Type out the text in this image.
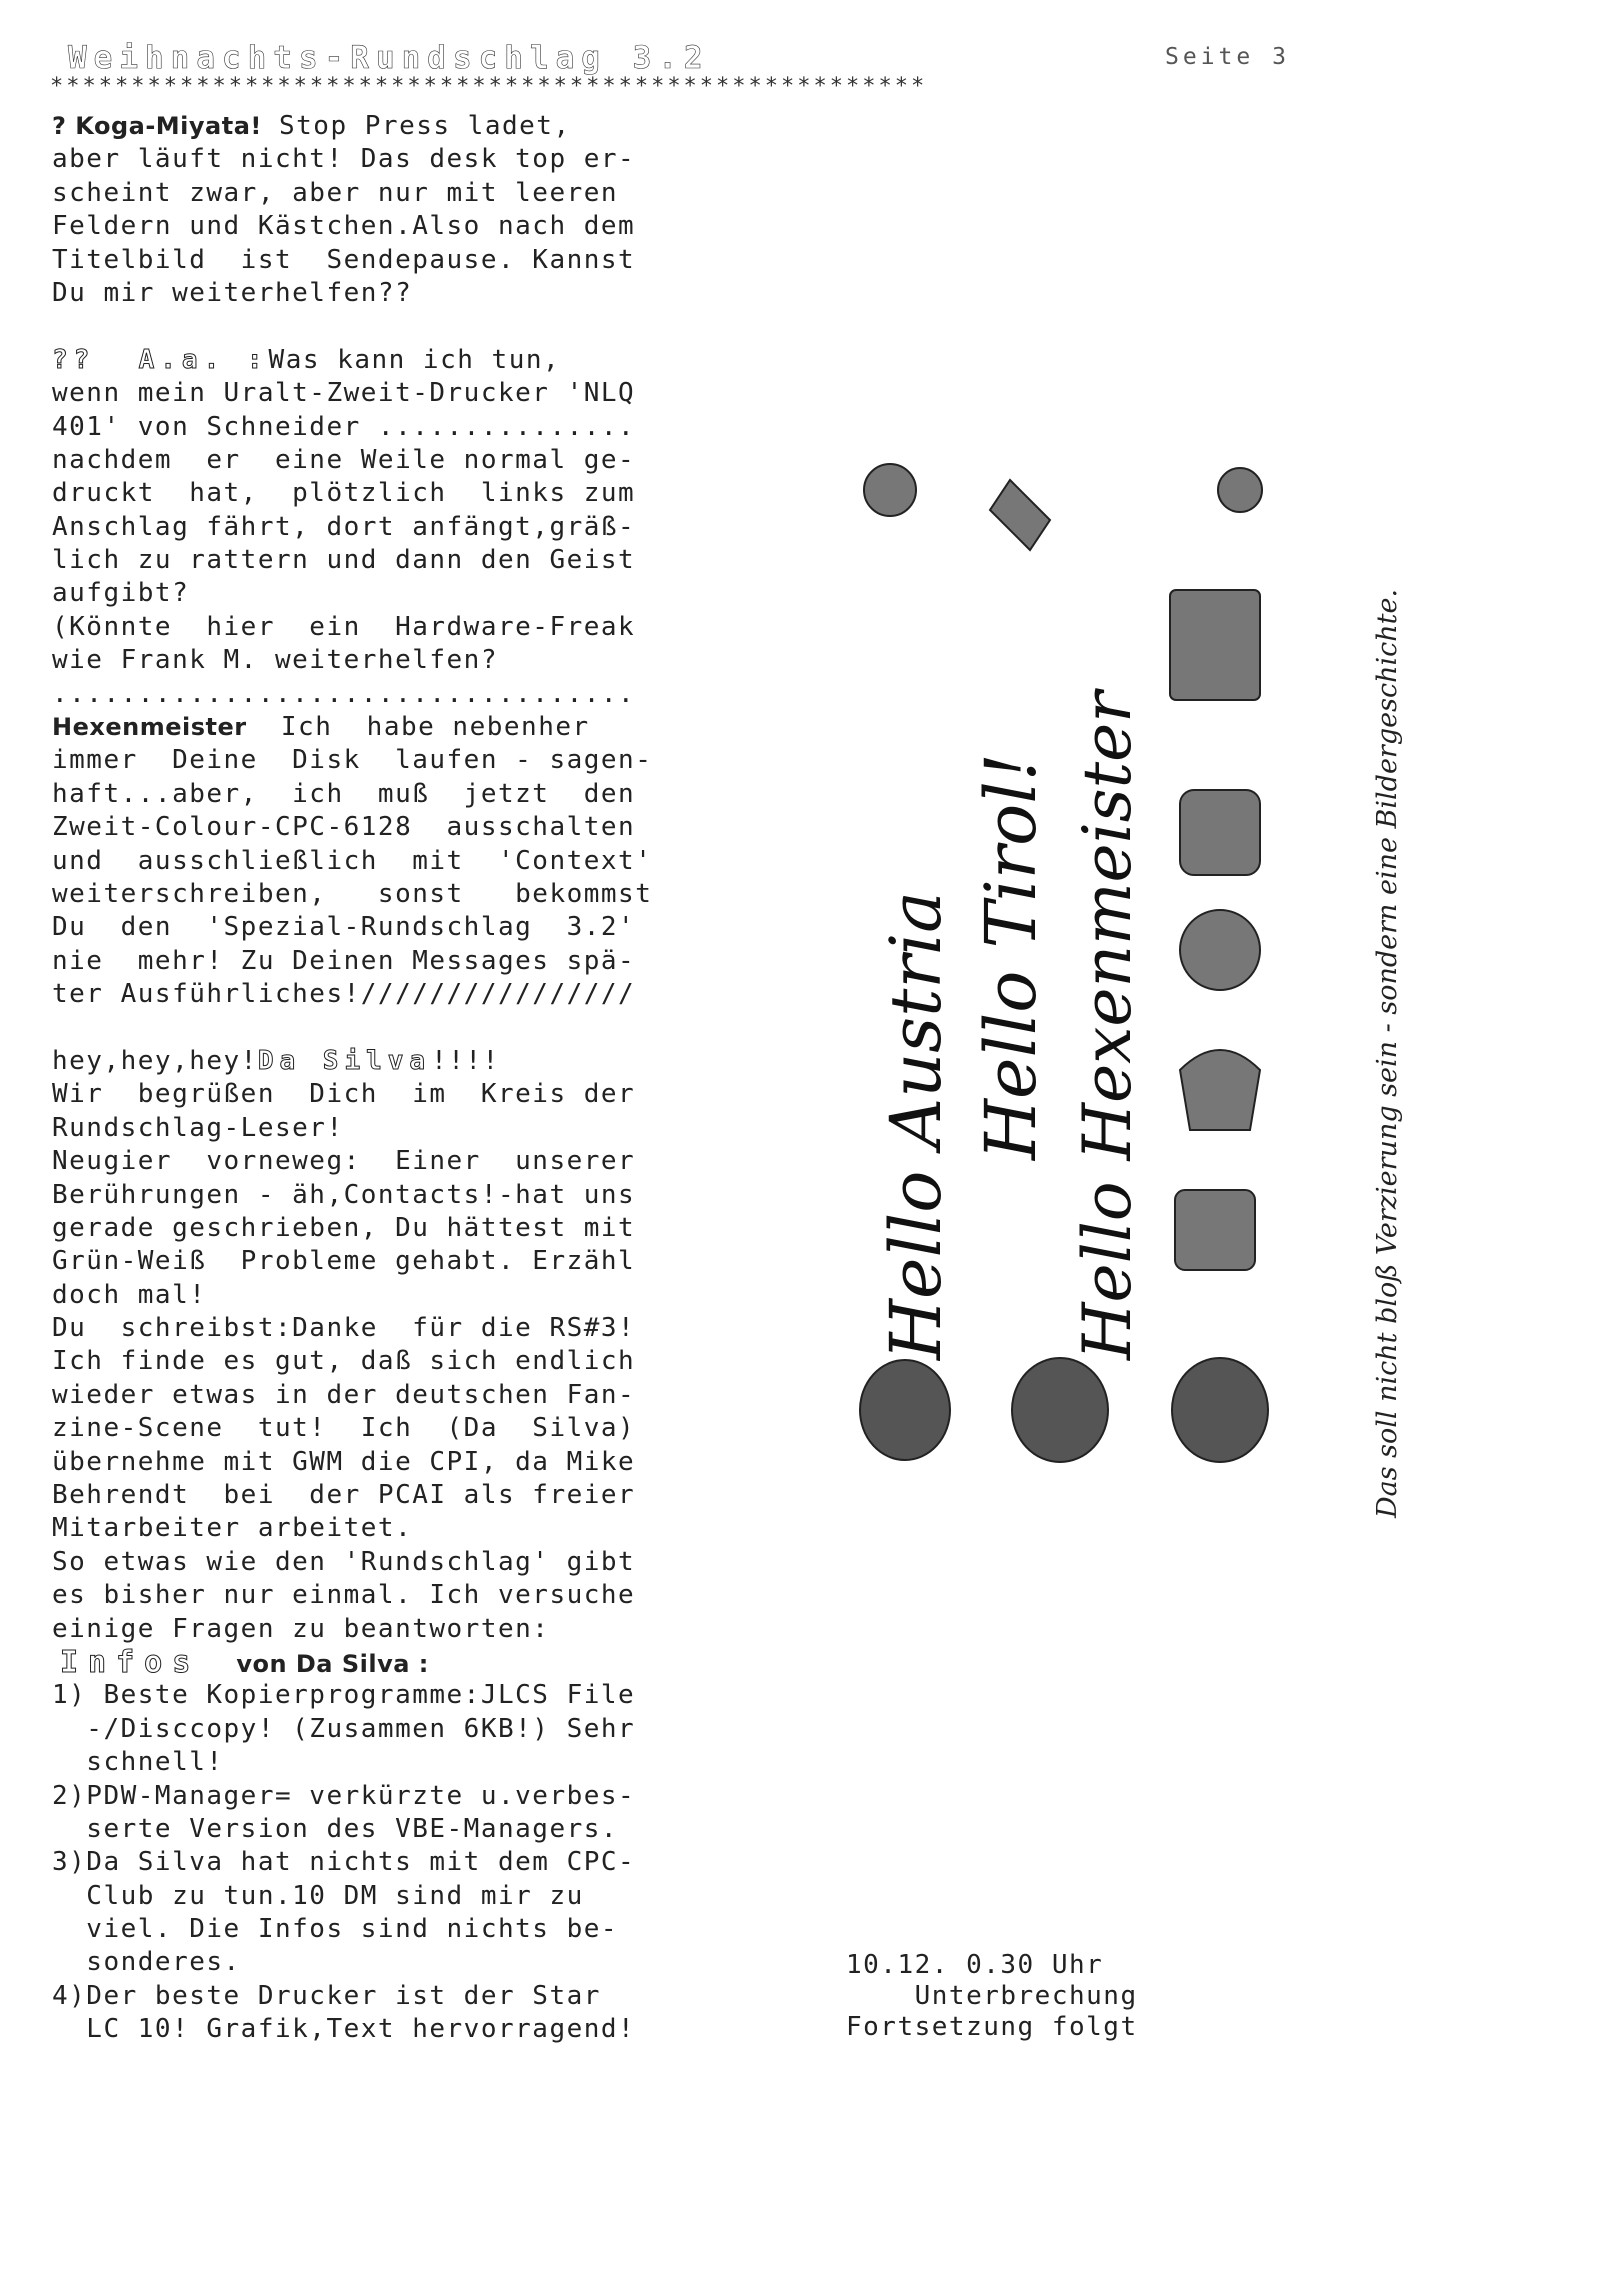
Weihnachts-Rundschlag 3.2	Seite 3
******************************************************
? Koga-Miyata! Stop Press ladet,
aber läuft nicht! Das desk top er-
scheint zwar, aber nur mit leeren
Feldern und Kästchen.Also nach dem
Titelbild  ist  Sendepause. Kannst
Du mir weiterhelfen??
??  A.a. :Was kann ich tun,
wenn mein Uralt-Zweit-Drucker 'NLQ
401' von Schneider ...............
nachdem  er  eine Weile normal ge-
druckt  hat,  plötzlich  links zum
Anschlag fährt, dort anfängt,gräß-
lich zu rattern und dann den Geist
aufgibt?
(Könnte  hier  ein  Hardware-Freak
wie Frank M. weiterhelfen?
..................................
Hexenmeister  Ich  habe nebenher
immer  Deine  Disk  laufen - sagen-
haft...aber,  ich  muß  jetzt  den
Zweit-Colour-CPC-6128  ausschalten
und  ausschließlich  mit  'Context'
weiterschreiben,   sonst   bekommst
Du  den  'Spezial-Rundschlag  3.2'
nie  mehr! Zu Deinen Messages spä-
ter Ausführliches!////////////////
hey,hey,hey!Da Silva!!!!
Wir  begrüßen  Dich  im  Kreis der
Rundschlag-Leser!
Neugier  vorneweg:  Einer  unserer
Berührungen - äh,Contacts!-hat uns
gerade geschrieben, Du hättest mit
Grün-Weiß  Probleme gehabt. Erzähl
doch mal!
Du  schreibst:Danke  für die RS#3!
Ich finde es gut, daß sich endlich
wieder etwas in der deutschen Fan-
zine-Scene  tut!  Ich  (Da  Silva)
übernehme mit GWM die CPI, da Mike
Behrendt  bei  der PCAI als freier
Mitarbeiter arbeitet.
So etwas wie den 'Rundschlag' gibt
es bisher nur einmal. Ich versuche
einige Fragen zu beantworten:
Infos von Da Silva :
1) Beste Kopierprogramme:JLCS File
-/Disccopy! (Zusammen 6KB!) Sehr
schnell!
2)PDW-Manager= verkürzte u.verbes-
serte Version des VBE-Managers.
3)Da Silva hat nichts mit dem CPC-
Club zu tun.10 DM sind mir zu
viel. Die Infos sind nichts be-
sonderes.
4)Der beste Drucker ist der Star
LC 10! Grafik,Text hervorragend!
Hello Austria Hello Tirol! Hello Hexenmeister	Das soll nicht bloß Verzierung sein - sondern eine Bildergeschichte.
10.12. 0.30 Uhr
Unterbrechung
Fortsetzung folgt
